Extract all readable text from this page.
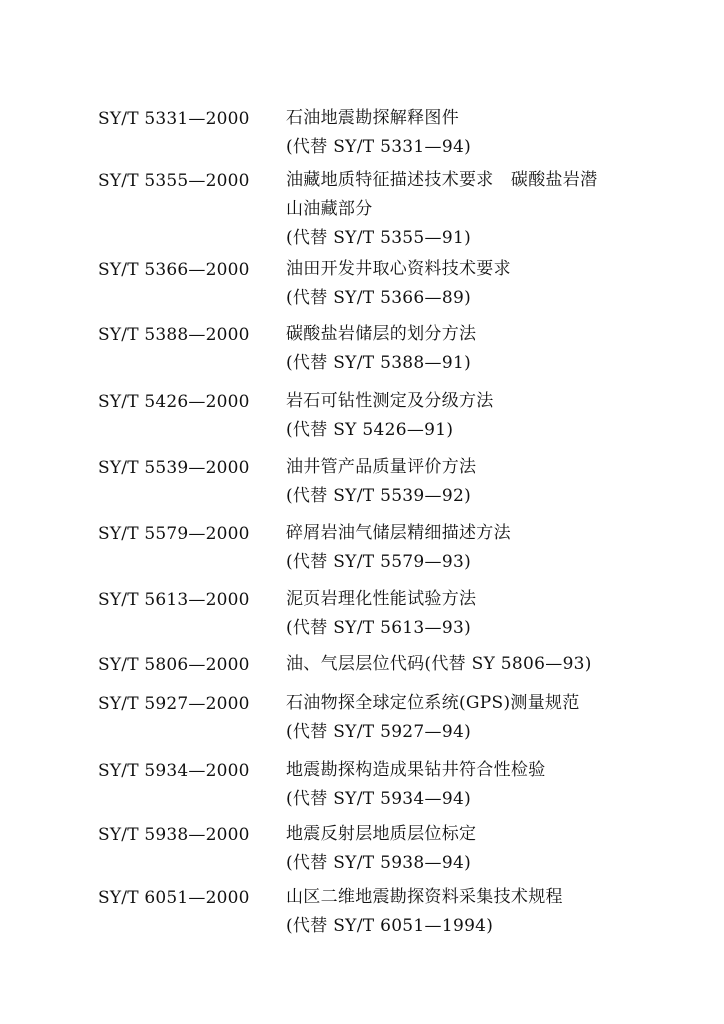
SY/T 5331—2000 石油地震勘探解释图件
(代替 SY/T 5331—94)
SY/T 5355—2000 油藏地质特征描述技术要求　碳酸盐岩潜
山油藏部分
(代替 SY/T 5355—91)
SY/T 5366—2000 油田开发井取心资料技术要求
(代替 SY/T 5366—89)
SY/T 5388—2000 碳酸盐岩储层的划分方法
(代替 SY/T 5388—91)
SY/T 5426—2000 岩石可钻性测定及分级方法
(代替 SY 5426—91)
SY/T 5539—2000 油井管产品质量评价方法
(代替 SY/T 5539—92)
SY/T 5579—2000 碎屑岩油气储层精细描述方法
(代替 SY/T 5579—93)
SY/T 5613—2000 泥页岩理化性能试验方法
(代替 SY/T 5613—93)
SY/T 5806—2000 油、气层层位代码(代替 SY 5806—93)
SY/T 5927—2000 石油物探全球定位系统(GPS)测量规范
(代替 SY/T 5927—94)
SY/T 5934—2000 地震勘探构造成果钻井符合性检验
(代替 SY/T 5934—94)
SY/T 5938—2000 地震反射层地质层位标定
(代替 SY/T 5938—94)
SY/T 6051—2000 山区二维地震勘探资料采集技术规程
(代替 SY/T 6051—1994)
